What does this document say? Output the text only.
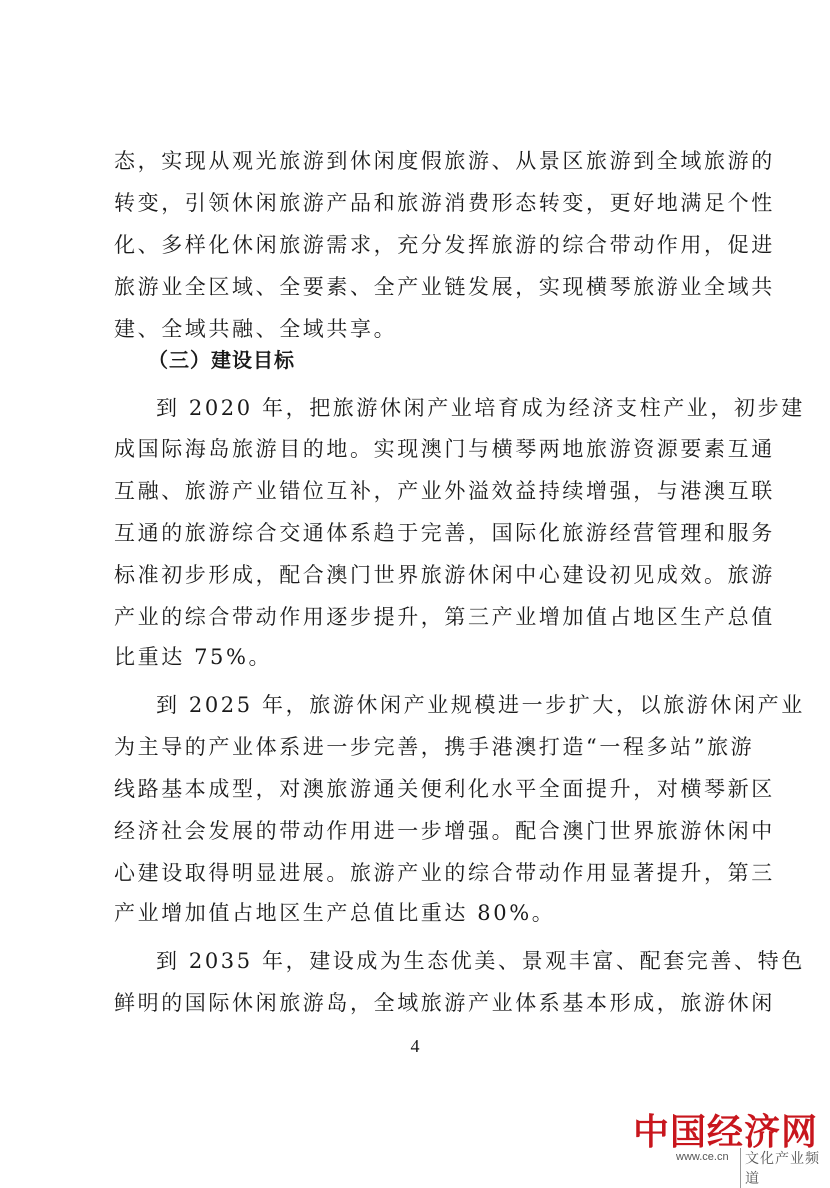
态，实现从观光旅游到休闲度假旅游、从景区旅游到全域旅游的
转变，引领休闲旅游产品和旅游消费形态转变，更好地满足个性
化、多样化休闲旅游需求，充分发挥旅游的综合带动作用，促进
旅游业全区域、全要素、全产业链发展，实现横琴旅游业全域共
建、全域共融、全域共享。
（三）建设目标
到 2020 年，把旅游休闲产业培育成为经济支柱产业，初步建
成国际海岛旅游目的地。实现澳门与横琴两地旅游资源要素互通
互融、旅游产业错位互补，产业外溢效益持续增强，与港澳互联
互通的旅游综合交通体系趋于完善，国际化旅游经营管理和服务
标准初步形成，配合澳门世界旅游休闲中心建设初见成效。旅游
产业的综合带动作用逐步提升，第三产业增加值占地区生产总值
比重达 75%。
到 2025 年，旅游休闲产业规模进一步扩大，以旅游休闲产业
为主导的产业体系进一步完善，携手港澳打造“一程多站”旅游
线路基本成型，对澳旅游通关便利化水平全面提升，对横琴新区
经济社会发展的带动作用进一步增强。配合澳门世界旅游休闲中
心建设取得明显进展。旅游产业的综合带动作用显著提升，第三
产业增加值占地区生产总值比重达 80%。
到 2035 年，建设成为生态优美、景观丰富、配套完善、特色
鲜明的国际休闲旅游岛，全域旅游产业体系基本形成，旅游休闲
4
中国经济网
www.ce.cn	文化产业频道
